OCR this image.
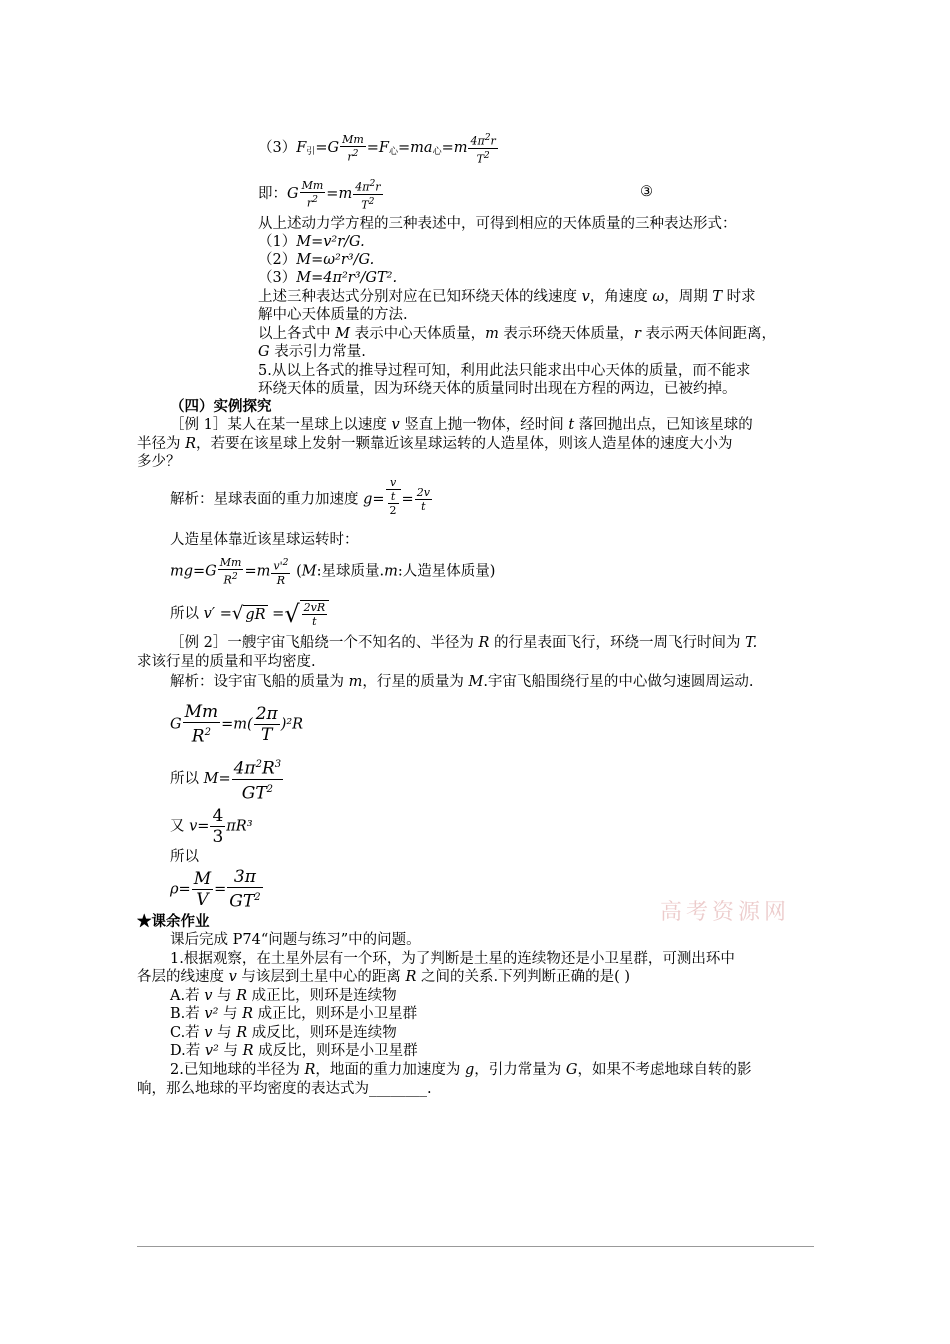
$(3)F_引=G \frac{Mm}{r^2} =F_心=ma_心=m \frac{4\pi^2r}{T^2}$
即：G $\frac{Mm}{r^2} =m \frac{4\pi^2r}{T^2}$	③
从上述动力学方程的三种表述中，可得到相应的天体质量的三种表达形式：
（1）M=v²r/G.
（2）M=ω²r³/G.
（3）M=4π²r³/GT².
上述三种表达式分别对应在已知环绕天体的线速度 v，角速度 ω，周期 T 时求
解中心天体质量的方法.
以上各式中 M 表示中心天体质量，m 表示环绕天体质量，r 表示两天体间距离，
G 表示引力常量.
5.从以上各式的推导过程可知，利用此法只能求出中心天体的质量，而不能求
环绕天体的质量，因为环绕天体的质量同时出现在方程的两边，已被约掉。
（四）实例探究
［例 1］某人在某一星球上以速度 v 竖直上抛一物体，经时间 t 落回抛出点，已知该星球的
半径为 R，若要在该星球上发射一颗靠近该星球运转的人造星体，则该人造星体的速度大小为
多少？
解析：星球表面的重力加速度 g= v
t
$2 = \frac{2v}{t}$
人造星体靠近该星球运转时：
$mg=G \frac{Mm}{R^2} =m \frac{v'^2}{R} (M$:星球质量.m:人造星体质量)
所以 v′ =√ gR =√ $\frac{2vR}{t}$
［例 2］一艘宇宙飞船绕一个不知名的、半径为 R 的行星表面飞行，环绕一周飞行时间为 T.
求该行星的质量和平均密度.
解析：设宇宙飞船的质量为 m，行星的质量为 M.宇宙飞船围绕行星的中心做匀速圆周运动.
G $\frac{Mm}{R^2} =m( \frac{2\pi}{T} )^2R$
所以 $M= \frac{4\pi^2R^3}{GT^2}$
又 $v= \frac{4}{3} \pi R^3$
所以
$\rho= \frac{M}{V} = \frac{3\pi}{GT^2}$
高考资源网
★课余作业
课后完成 P74“问题与练习”中的问题。
1.根据观察，在土星外层有一个环，为了判断是土星的连续物还是小卫星群，可测出环中
各层的线速度 v 与该层到土星中心的距离 R 之间的关系.下列判断正确的是( )
A.若 v 与 R 成正比，则环是连续物
B.若 v² 与 R 成正比，则环是小卫星群
C.若 v 与 R 成反比，则环是连续物
D.若 v² 与 R 成反比，则环是小卫星群
2.已知地球的半径为 R，地面的重力加速度为 g，引力常量为 G，如果不考虑地球自转的影
响，那么地球的平均密度的表达式为________.
